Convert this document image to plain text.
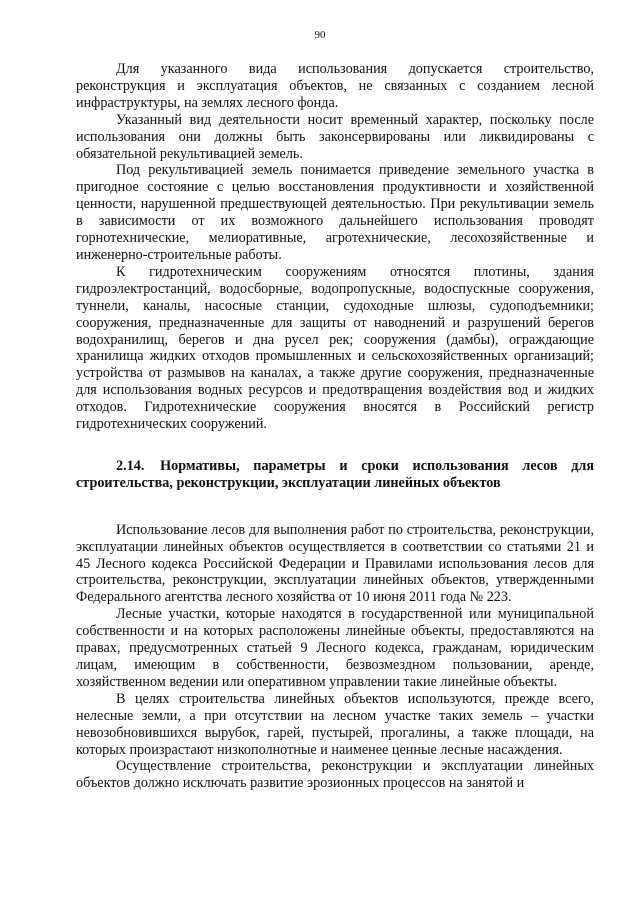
90

Для указанного вида использования допускается строительство, реконструкция и эксплуатация объектов, не связанных с созданием лесной инфраструктуры, на землях лесного фонда.

Указанный вид деятельности носит временный характер, поскольку после использования они должны быть законсервированы или ликвидированы с обязательной рекультивацией земель.

Под рекультивацией земель понимается приведение земельного участка в пригодное состояние с целью восстановления продуктивности и хозяйственной ценности, нарушенной предшествующей деятельностью. При рекультивации земель в зависимости от их возможного дальнейшего использования проводят горнотехнические, мелиоративные, агротехнические, лесохозяйственные и инженерно-строительные работы.

К гидротехническим сооружениям относятся плотины, здания гидроэлектростанций, водосборные, водопропускные, водоспускные сооружения, туннели, каналы, насосные станции, судоходные шлюзы, судоподъемники; сооружения, предназначенные для защиты от наводнений и разрушений берегов водохранилищ, берегов и дна русел рек; сооружения (дамбы), ограждающие хранилища жидких отходов промышленных и сельскохозяйственных организаций; устройства от размывов на каналах, а также другие сооружения, предназначенные для использования водных ресурсов и предотвращения воздействия вод и жидких отходов. Гидротехнические сооружения вносятся в Российский регистр гидротехнических сооружений.

2.14. Нормативы, параметры и сроки использования лесов для строительства, реконструкции, эксплуатации линейных объектов

Использование лесов для выполнения работ по строительства, реконструкции, эксплуатации линейных объектов осуществляется в соответствии со статьями 21 и 45 Лесного кодекса Российской Федерации и Правилами использования лесов для строительства, реконструкции, эксплуатации линейных объектов, утвержденными Федерального агентства лесного хозяйства от 10 июня 2011 года № 223.

Лесные участки, которые находятся в государственной или муниципальной собственности и на которых расположены линейные объекты, предоставляются на правах, предусмотренных статьей 9 Лесного кодекса, гражданам, юридическим лицам, имеющим в собственности, безвозмездном пользовании, аренде, хозяйственном ведении или оперативном управлении такие линейные объекты.

В целях строительства линейных объектов используются, прежде всего, нелесные земли, а при отсутствии на лесном участке таких земель – участки невозобновившихся вырубок, гарей, пустырей, прогалины, а также площади, на которых произрастают низкополнотные и наименее ценные лесные насаждения.

Осуществление строительства, реконструкции и эксплуатации линейных объектов должно исключать развитие эрозионных процессов на занятой и
